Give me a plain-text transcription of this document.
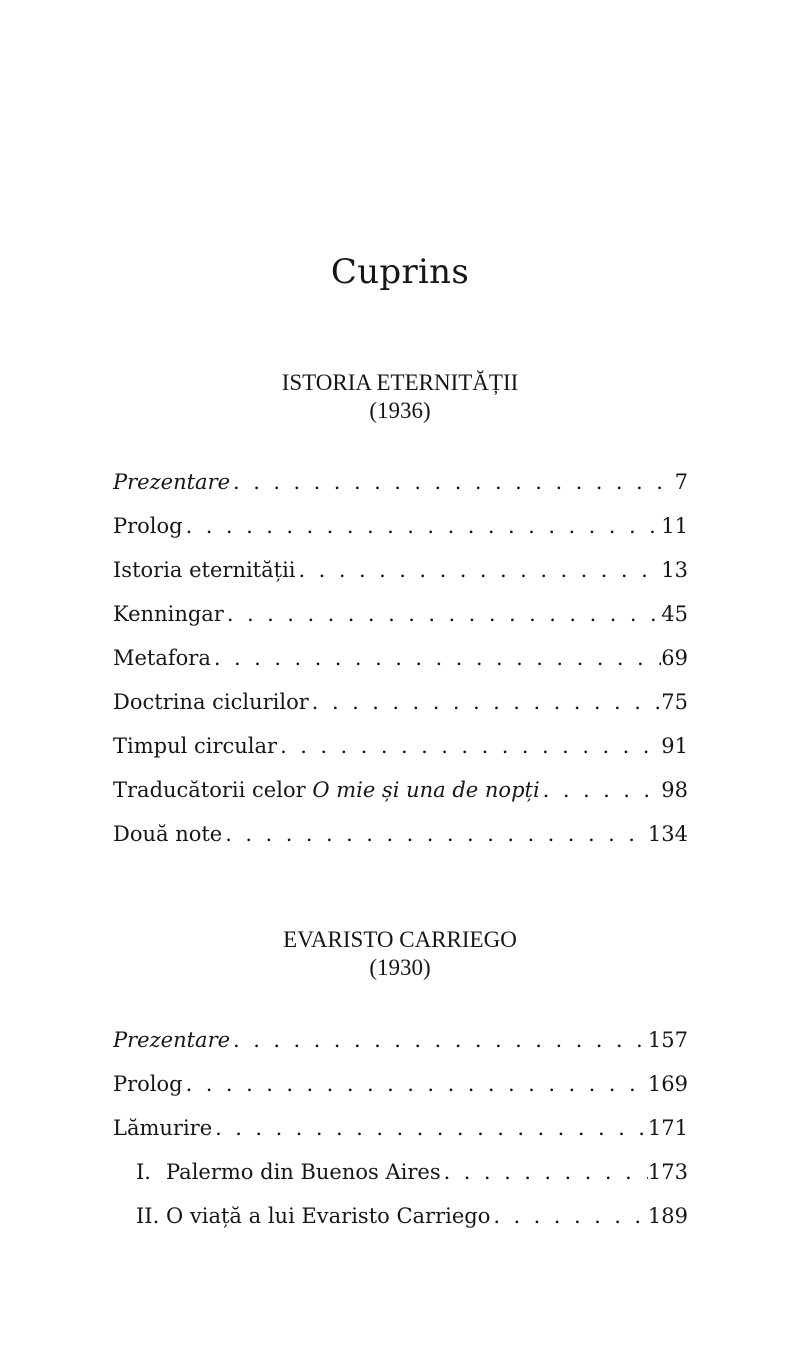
Cuprins
ISTORIA ETERNITĂȚII
(1936)
Prezentare . . .	7
Prolog . . .	11
Istoria eternității . . .	13
Kenningar . . .	45
Metafora . . .	69
Doctrina ciclurilor . . .	75
Timpul circular . . .	91
Traducătorii celor O mie și una de nopți . . .	98
Două note . . .	134
EVARISTO CARRIEGO
(1930)
Prezentare . . .	157
Prolog . . .	169
Lămurire . . .	171
I. Palermo din Buenos Aires . . .	173
II. O viață a lui Evaristo Carriego . . .	189
